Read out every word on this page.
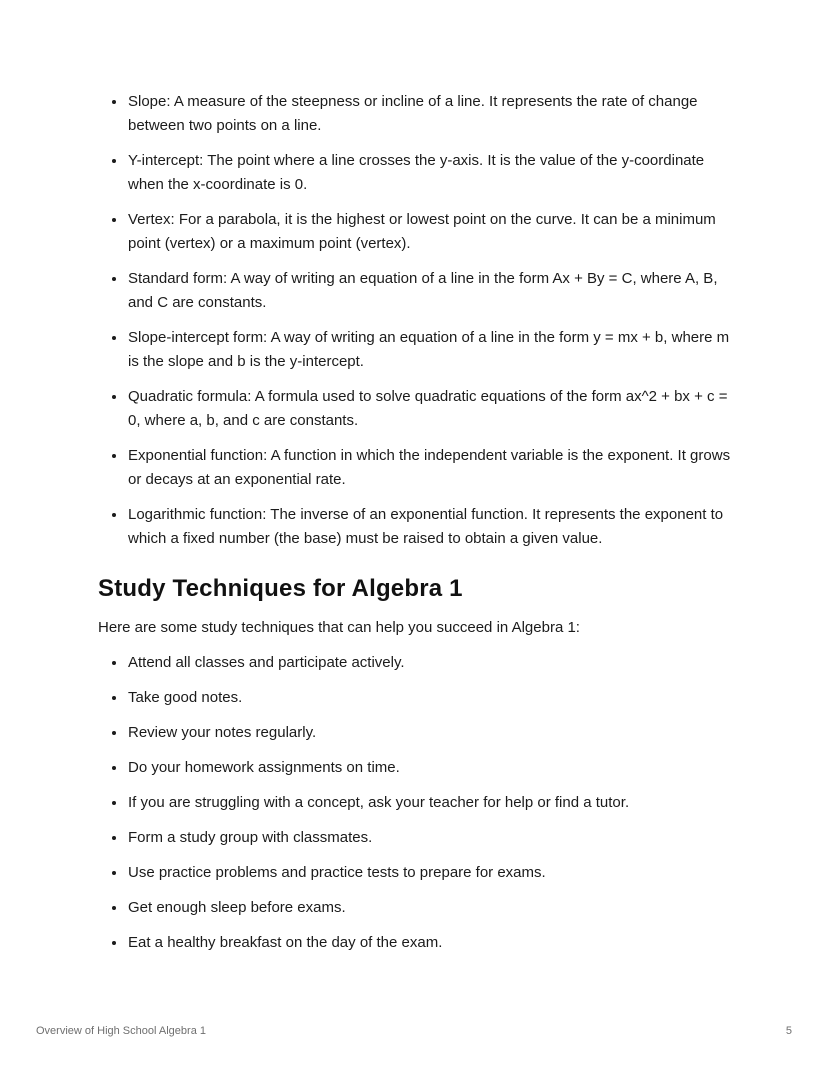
• Slope: A measure of the steepness or incline of a line. It represents the rate of change between two points on a line.
• Y-intercept: The point where a line crosses the y-axis. It is the value of the y-coordinate when the x-coordinate is 0.
• Vertex: For a parabola, it is the highest or lowest point on the curve. It can be a minimum point (vertex) or a maximum point (vertex).
• Standard form: A way of writing an equation of a line in the form Ax + By = C, where A, B, and C are constants.
• Slope-intercept form: A way of writing an equation of a line in the form y = mx + b, where m is the slope and b is the y-intercept.
• Quadratic formula: A formula used to solve quadratic equations of the form ax^2 + bx + c = 0, where a, b, and c are constants.
• Exponential function: A function in which the independent variable is the exponent. It grows or decays at an exponential rate.
• Logarithmic function: The inverse of an exponential function. It represents the exponent to which a fixed number (the base) must be raised to obtain a given value.
Study Techniques for Algebra 1

Here are some study techniques that can help you succeed in Algebra 1:

• Attend all classes and participate actively.
• Take good notes.
• Review your notes regularly.
• Do your homework assignments on time.
• If you are struggling with a concept, ask your teacher for help or find a tutor.
• Form a study group with classmates.
• Use practice problems and practice tests to prepare for exams.
• Get enough sleep before exams.
• Eat a healthy breakfast on the day of the exam.
Overview of High School Algebra 1	5
